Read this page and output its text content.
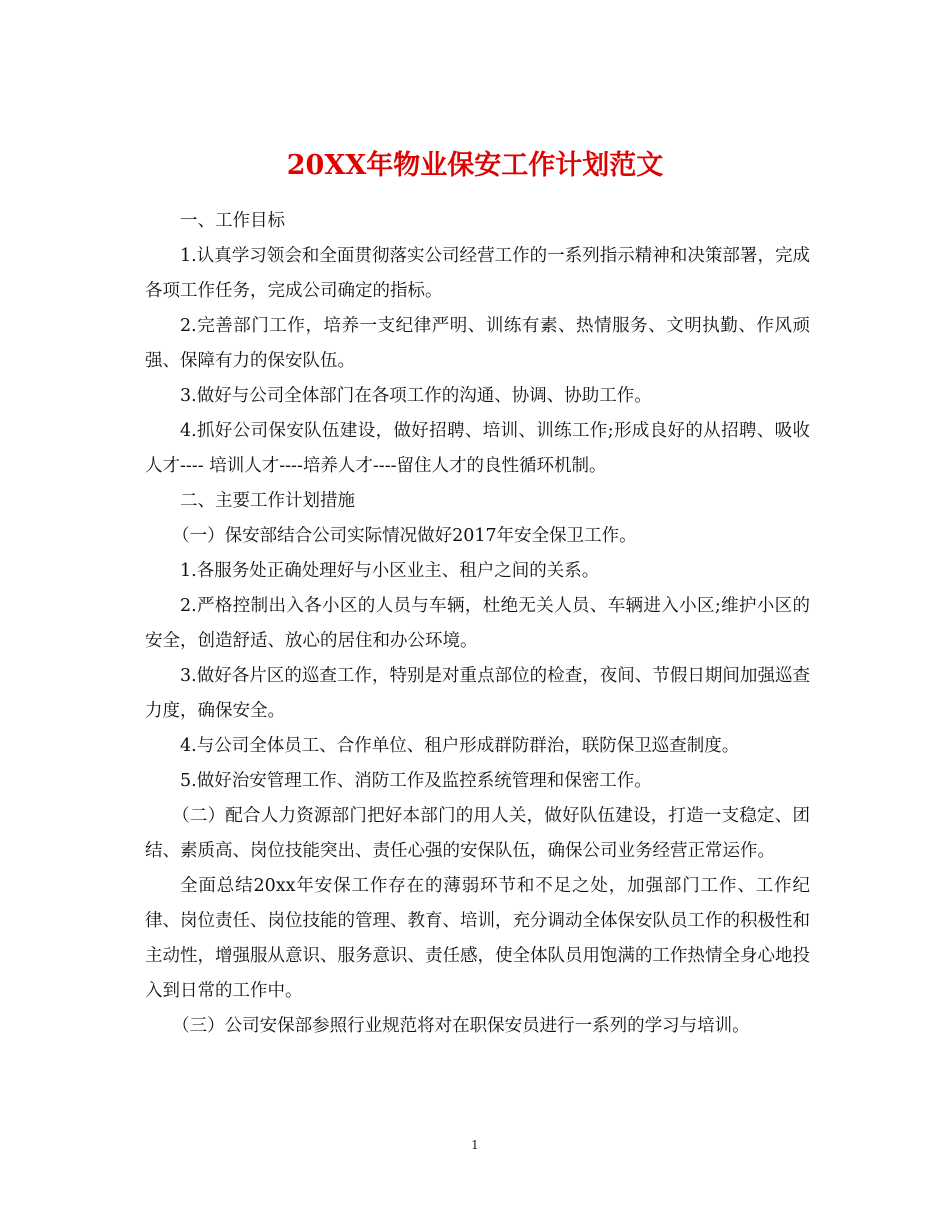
20XX年物业保安工作计划范文

一、工作目标

1.认真学习领会和全面贯彻落实公司经营工作的一系列指示精神和决策部署，完成各项工作任务，完成公司确定的指标。

2.完善部门工作，培养一支纪律严明、训练有素、热情服务、文明执勤、作风顽强、保障有力的保安队伍。

3.做好与公司全体部门在各项工作的沟通、协调、协助工作。

4.抓好公司保安队伍建设，做好招聘、培训、训练工作;形成良好的从招聘、吸收人才---- 培训人才----培养人才----留住人才的良性循环机制。

二、主要工作计划措施

（一）保安部结合公司实际情况做好2017年安全保卫工作。

1.各服务处正确处理好与小区业主、租户之间的关系。

2.严格控制出入各小区的人员与车辆，杜绝无关人员、车辆进入小区;维护小区的安全，创造舒适、放心的居住和办公环境。

3.做好各片区的巡查工作，特别是对重点部位的检查，夜间、节假日期间加强巡查力度，确保安全。

4.与公司全体员工、合作单位、租户形成群防群治，联防保卫巡查制度。

5.做好治安管理工作、消防工作及监控系统管理和保密工作。

（二）配合人力资源部门把好本部门的用人关，做好队伍建设，打造一支稳定、团结、素质高、岗位技能突出、责任心强的安保队伍，确保公司业务经营正常运作。

全面总结20xx年安保工作存在的薄弱环节和不足之处，加强部门工作、工作纪律、岗位责任、岗位技能的管理、教育、培训，充分调动全体保安队员工作的积极性和主动性，增强服从意识、服务意识、责任感，使全体队员用饱满的工作热情全身心地投入到日常的工作中。

（三）公司安保部参照行业规范将对在职保安员进行一系列的学习与培训。

1
